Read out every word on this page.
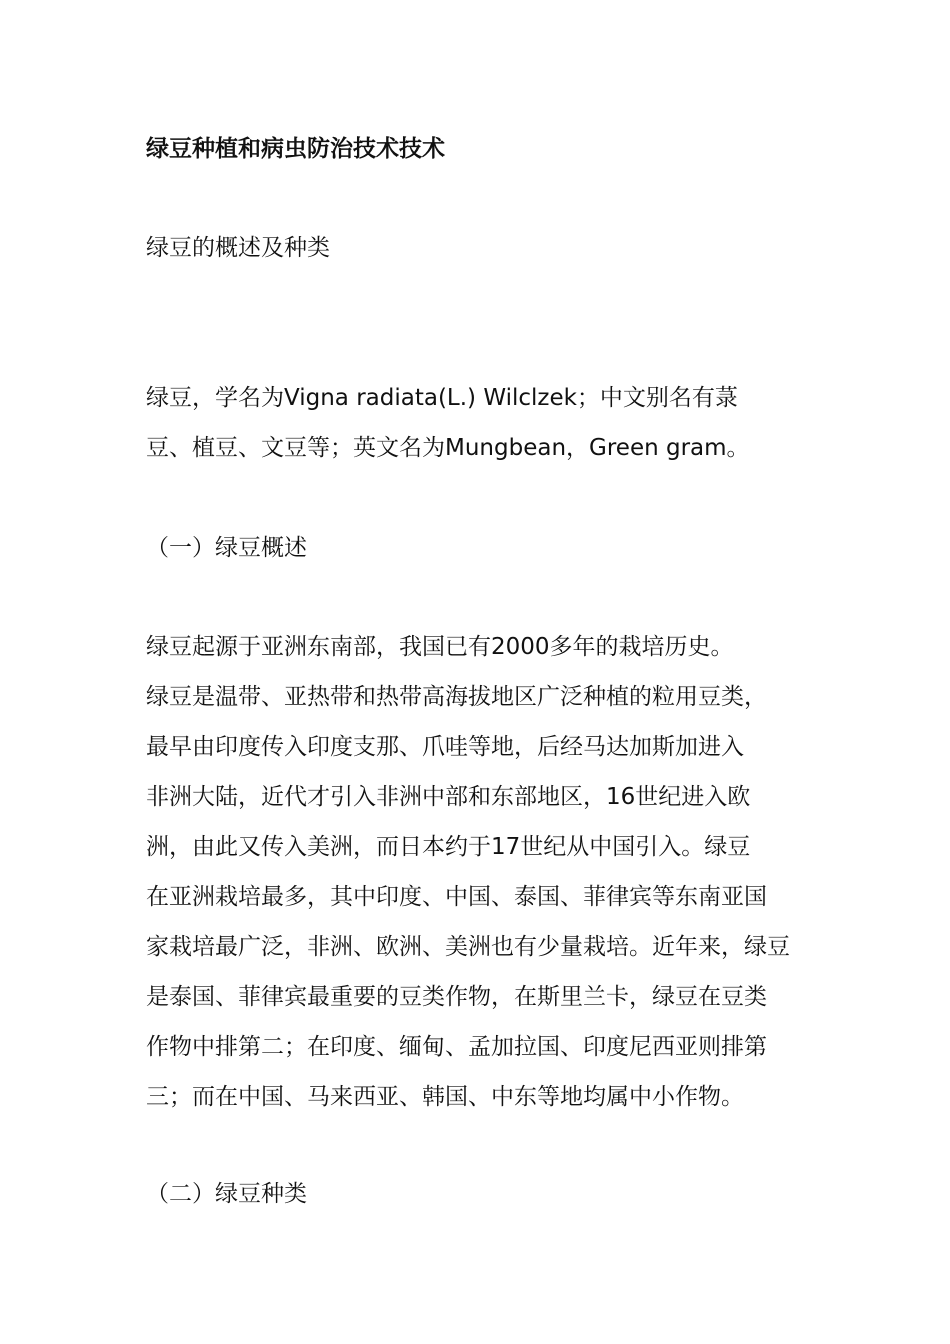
绿豆种植和病虫防治技术技术
绿豆的概述及种类
绿豆，学名为Vigna radiata(L.) Wilclzek；中文别名有菉
豆、植豆、文豆等；英文名为Mungbean，Green gram。
（一）绿豆概述
绿豆起源于亚洲东南部，我国已有2000多年的栽培历史。
绿豆是温带、亚热带和热带高海拔地区广泛种植的粒用豆类，
最早由印度传入印度支那、爪哇等地，后经马达加斯加进入
非洲大陆，近代才引入非洲中部和东部地区，16世纪进入欧
洲，由此又传入美洲，而日本约于17世纪从中国引入。绿豆
在亚洲栽培最多，其中印度、中国、泰国、菲律宾等东南亚国
家栽培最广泛，非洲、欧洲、美洲也有少量栽培。近年来，绿豆
是泰国、菲律宾最重要的豆类作物，在斯里兰卡，绿豆在豆类
作物中排第二；在印度、缅甸、孟加拉国、印度尼西亚则排第
三；而在中国、马来西亚、韩国、中东等地均属中小作物。
（二）绿豆种类
